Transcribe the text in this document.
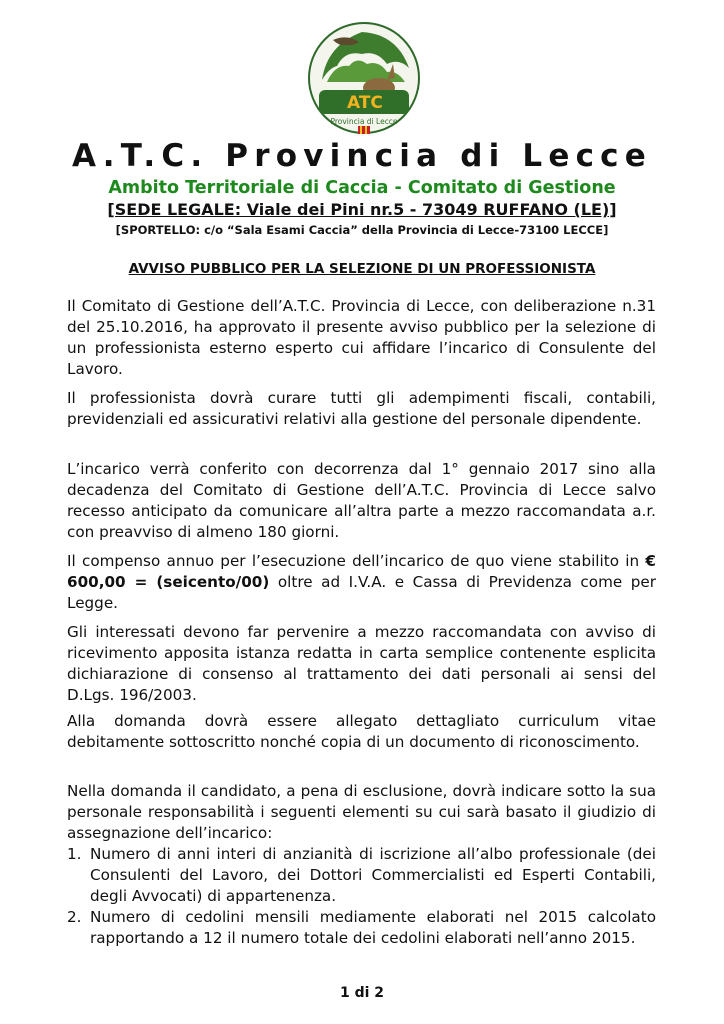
ATC
Provincia di Lecce
A.T.C. Provincia di Lecce
Ambito Territoriale di Caccia - Comitato di Gestione
[SEDE LEGALE: Viale dei Pini nr.5 - 73049 RUFFANO (LE)]
[SPORTELLO: c/o “Sala Esami Caccia” della Provincia di Lecce-73100 LECCE]
AVVISO PUBBLICO PER LA SELEZIONE DI UN PROFESSIONISTA

Il Comitato di Gestione dell’A.T.C. Provincia di Lecce, con deliberazione n.31 del 25.10.2016, ha approvato il presente avviso pubblico per la selezione di un professionista esterno esperto cui affidare l’incarico di Consulente del Lavoro.

Il professionista dovrà curare tutti gli adempimenti fiscali, contabili, previdenziali ed assicurativi relativi alla gestione del personale dipendente.

L’incarico verrà conferito con decorrenza dal 1° gennaio 2017 sino alla decadenza del Comitato di Gestione dell’A.T.C. Provincia di Lecce salvo recesso anticipato da comunicare all’altra parte a mezzo raccomandata a.r. con preavviso di almeno 180 giorni.

Il compenso annuo per l’esecuzione dell’incarico de quo viene stabilito in € 600,00 = (seicento/00) oltre ad I.V.A. e Cassa di Previdenza come per Legge.

Gli interessati devono far pervenire a mezzo raccomandata con avviso di ricevimento apposita istanza redatta in carta semplice contenente esplicita dichiarazione di consenso al trattamento dei dati personali ai sensi del D.Lgs. 196/2003.

Alla domanda dovrà essere allegato dettagliato curriculum vitae debitamente sottoscritto nonché copia di un documento di riconoscimento.

Nella domanda il candidato, a pena di esclusione, dovrà indicare sotto la sua personale responsabilità i seguenti elementi su cui sarà basato il giudizio di assegnazione dell’incarico:

1. Numero di anni interi di anzianità di iscrizione all’albo professionale (dei Consulenti del Lavoro, dei Dottori Commercialisti ed Esperti Contabili, degli Avvocati) di appartenenza.
2. Numero di cedolini mensili mediamente elaborati nel 2015 calcolato rapportando a 12 il numero totale dei cedolini elaborati nell’anno 2015.
1 di 2
